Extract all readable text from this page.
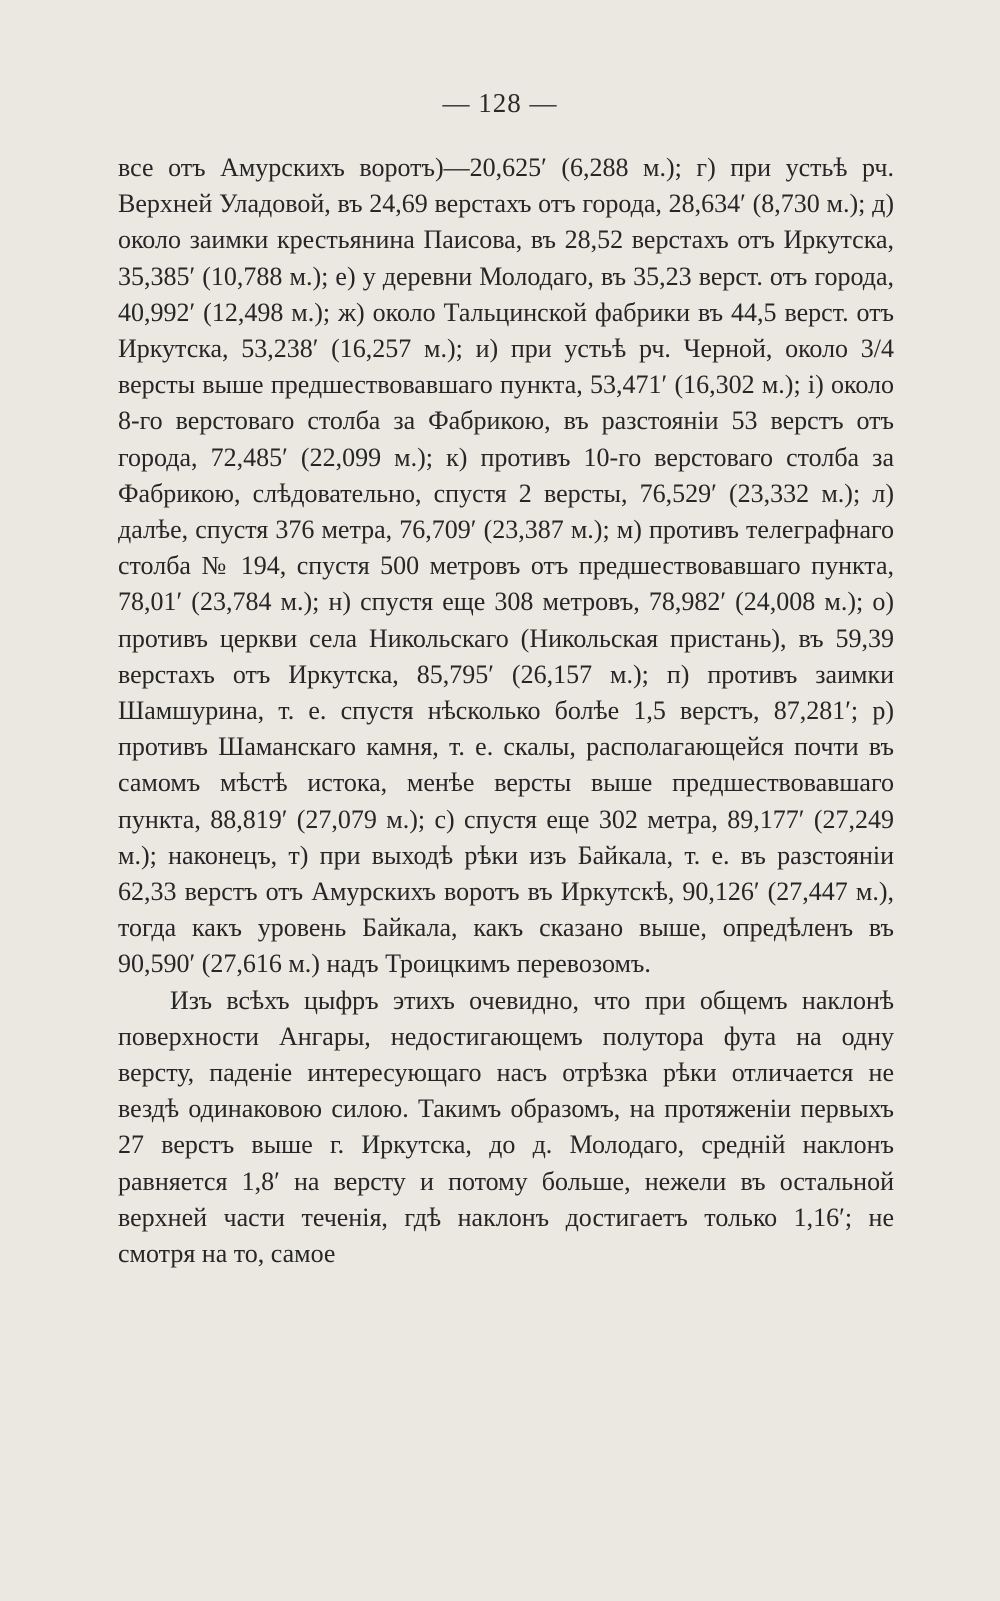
— 128 —

все отъ Амурскихъ воротъ)—20,625′ (6,288 м.); г) при устьѣ рч. Верхней Уладовой, въ 24,69 верстахъ отъ города, 28,634′ (8,730 м.); д) около заимки крестьянина Паисова, въ 28,52 верстахъ отъ Иркутска, 35,385′ (10,788 м.); е) у деревни Молодаго, въ 35,23 верст. отъ города, 40,992′ (12,498 м.); ж) около Тальцинской фабрики въ 44,5 верст. отъ Иркутска, 53,238′ (16,257 м.); и) при устьѣ рч. Черной, около 3/4 версты выше предшествовавшаго пункта, 53,471′ (16,302 м.); і) около 8-го верстоваго столба за Фабрикою, въ разстояніи 53 верстъ отъ города, 72,485′ (22,099 м.); к) противъ 10-го верстоваго столба за Фабрикою, слѣдовательно, спустя 2 версты, 76,529′ (23,332 м.); л) далѣе, спустя 376 метра, 76,709′ (23,387 м.); м) противъ телеграфнаго столба № 194, спустя 500 метровъ отъ предшествовавшаго пункта, 78,01′ (23,784 м.); н) спустя еще 308 метровъ, 78,982′ (24,008 м.); о) противъ церкви села Никольскаго (Никольская пристань), въ 59,39 верстахъ отъ Иркутска, 85,795′ (26,157 м.); п) противъ заимки Шамшурина, т. е. спустя нѣсколько болѣе 1,5 верстъ, 87,281′; р) противъ Шаманскаго камня, т. е. скалы, располагающейся почти въ самомъ мѣстѣ истока, менѣе версты выше предшествовавшаго пункта, 88,819′ (27,079 м.); с) спустя еще 302 метра, 89,177′ (27,249 м.); наконецъ, т) при выходѣ рѣки изъ Байкала, т. е. въ разстояніи 62,33 верстъ отъ Амурскихъ воротъ въ Иркутскѣ, 90,126′ (27,447 м.), тогда какъ уровень Байкала, какъ сказано выше, опредѣленъ въ 90,590′ (27,616 м.) надъ Троицкимъ перевозомъ.

Изъ всѣхъ цыфръ этихъ очевидно, что при общемъ наклонѣ поверхности Ангары, недостигающемъ полутора фута на одну версту, паденіе интересующаго насъ отрѣзка рѣки отличается не вездѣ одинаковою силою. Такимъ образомъ, на протяженіи первыхъ 27 верстъ выше г. Иркутска, до д. Молодаго, средній наклонъ равняется 1,8′ на версту и потому больше, нежели въ остальной верхней части теченія, гдѣ наклонъ достигаетъ только 1,16′; не смотря на то, самое
